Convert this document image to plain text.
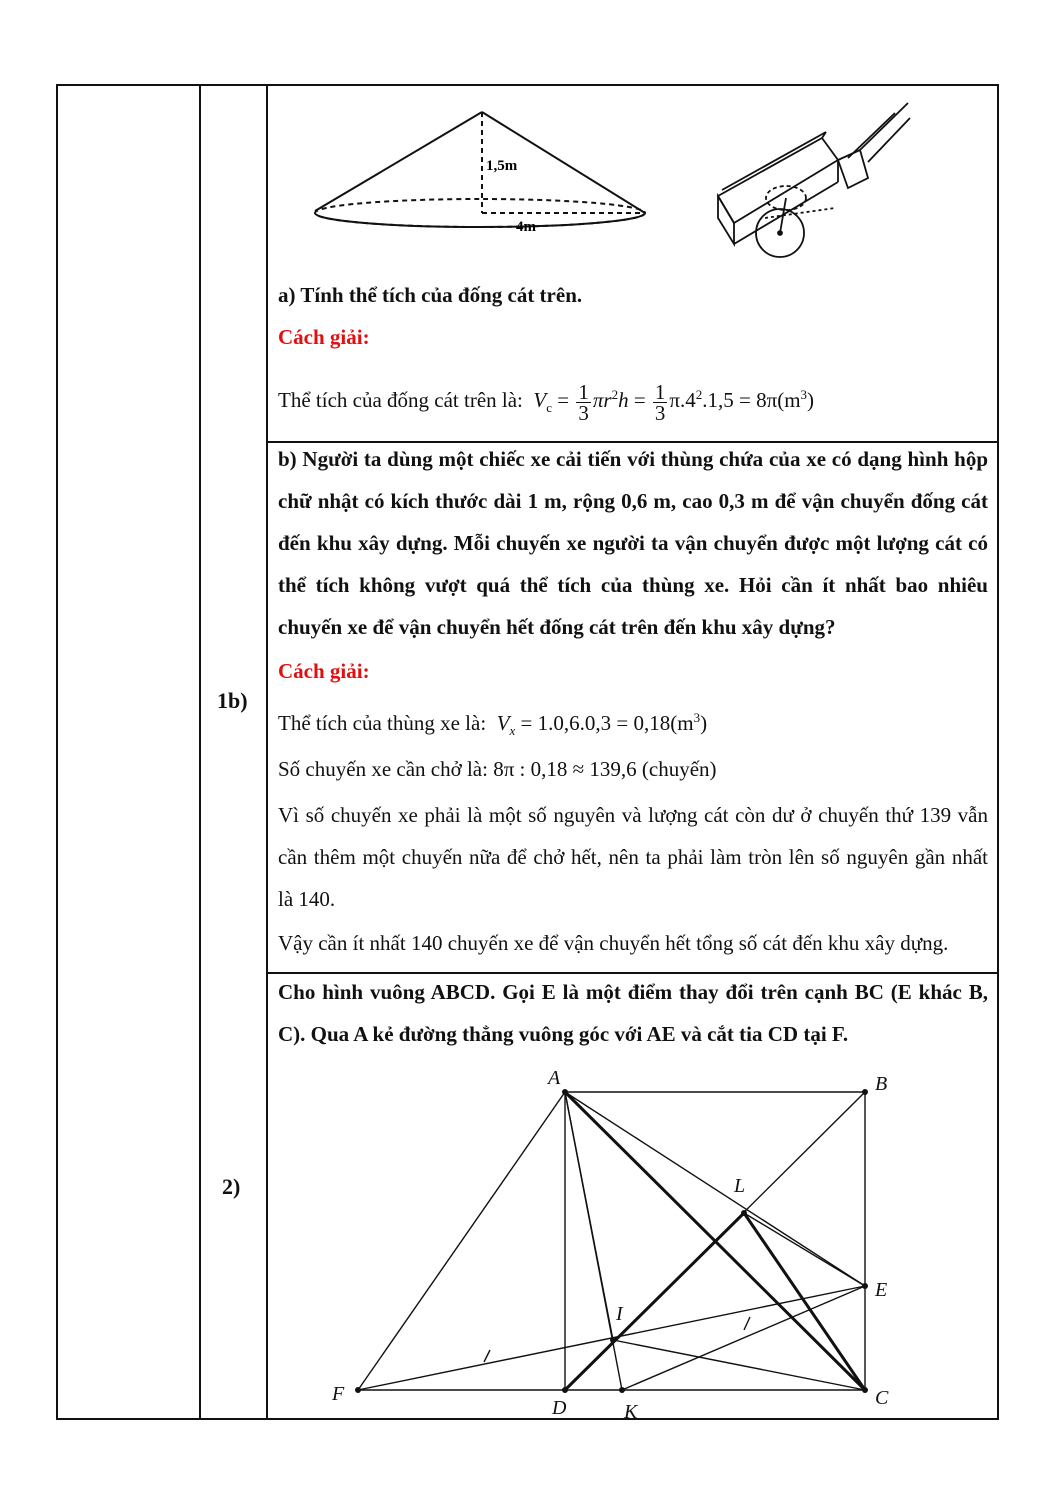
1,5m
4m
a) Tính thể tích của đống cát trên.
Cách giải:
Thể tích của đống cát trên là: $V_c = \frac{1}{3} \pi r^2h = \frac{1}{3} \pi.4^2.1,5 = 8\pi(m^3)$
1b)
b) Người ta dùng một chiếc xe cải tiến với thùng chứa của xe có dạng hình hộp
chữ nhật có kích thước dài 1 m, rộng 0,6 m, cao 0,3 m để vận chuyển đống cát
đến khu xây dựng. Mỗi chuyến xe người ta vận chuyển được một lượng cát có
thể tích không vượt quá thể tích của thùng xe. Hỏi cần ít nhất bao nhiêu
chuyến xe để vận chuyển hết đống cát trên đến khu xây dựng?
Cách giải:
Thể tích của thùng xe là: $V_x = 1.0,6.0,3 = 0,18(m^3)$
Số chuyến xe cần chở là: 8π : 0,18 ≈ 139,6 (chuyến)
Vì số chuyến xe phải là một số nguyên và lượng cát còn dư ở chuyến thứ 139 vẫn
cần thêm một chuyến nữa để chở hết, nên ta phải làm tròn lên số nguyên gần nhất
là 140.
Vậy cần ít nhất 140 chuyến xe để vận chuyển hết tổng số cát đến khu xây dựng.
2)
Cho hình vuông ABCD. Gọi E là một điểm thay đổi trên cạnh BC (E khác B,
C). Qua A kẻ đường thẳng vuông góc với AE và cắt tia CD tại F.
A	B
C
D
E
F
I
K
L
